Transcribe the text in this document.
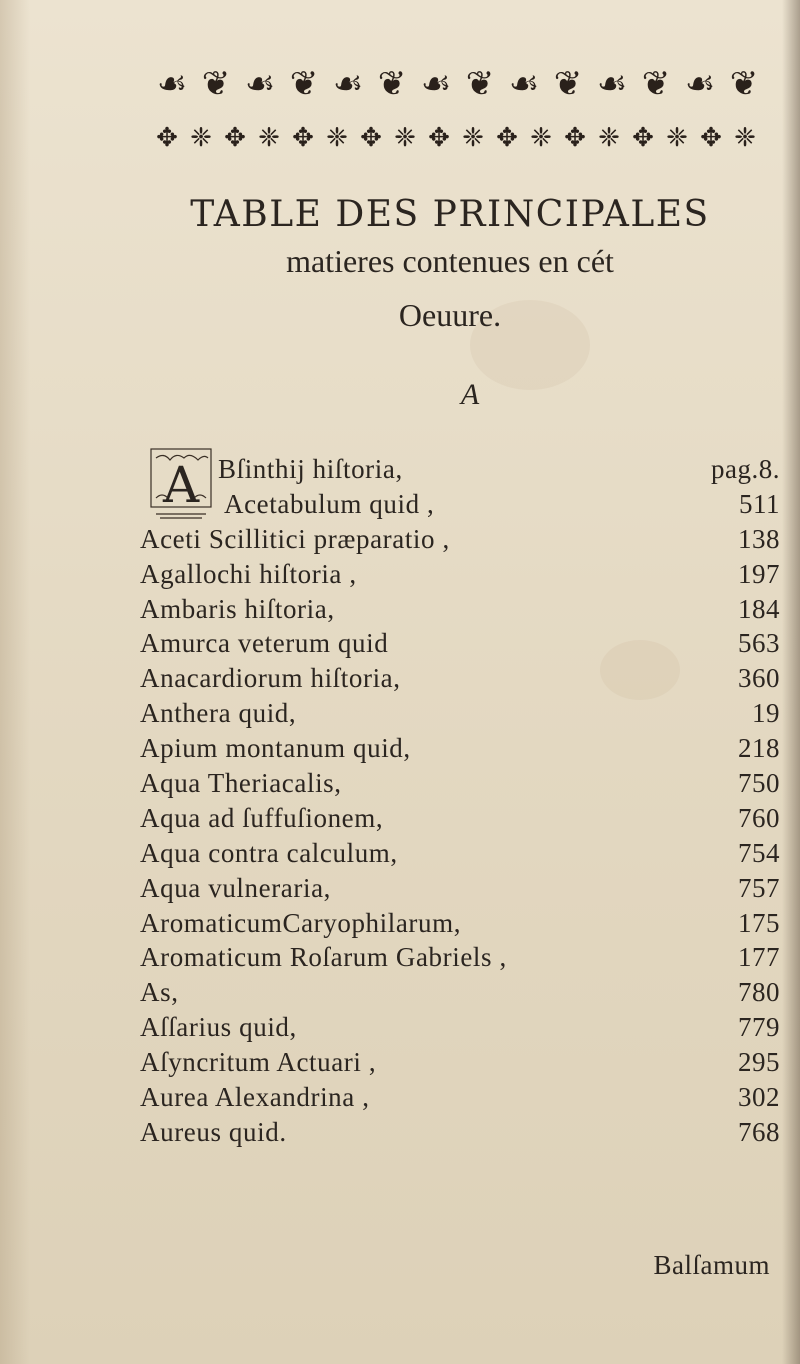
☙ ❦ ☙ ❦ ☙ ❦ ☙ ❦ ☙ ❦ ☙ ❦ ☙ ❦
✥ ❈ ✥ ❈ ✥ ❈ ✥ ❈ ✥ ❈ ✥ ❈ ✥ ❈ ✥ ❈ ✥ ❈
TABLE DES PRINCIPALES
matieres contenues en cét
Oeuure.
A
A Bſinthij hiſtoria,	pag.8.
Acetabulum quid ,	511
Aceti Scillitici præparatio ,	138
Agallochi hiſtoria ,	197
Ambaris hiſtoria,	184
Amurca veterum quid	563
Anacardiorum hiſtoria,	360
Anthera quid,	19
Apium montanum quid,	218
Aqua Theriacalis,	750
Aqua ad ſuffuſionem,	760
Aqua contra calculum,	754
Aqua vulneraria,	757
AromaticumCaryophilarum,	175
Aromaticum Roſarum Gabriels ,	177
As,	780
Aſſarius quid,	779
Aſyncritum Actuari ,	295
Aurea Alexandrina ,	302
Aureus quid.	768
Balſamum
